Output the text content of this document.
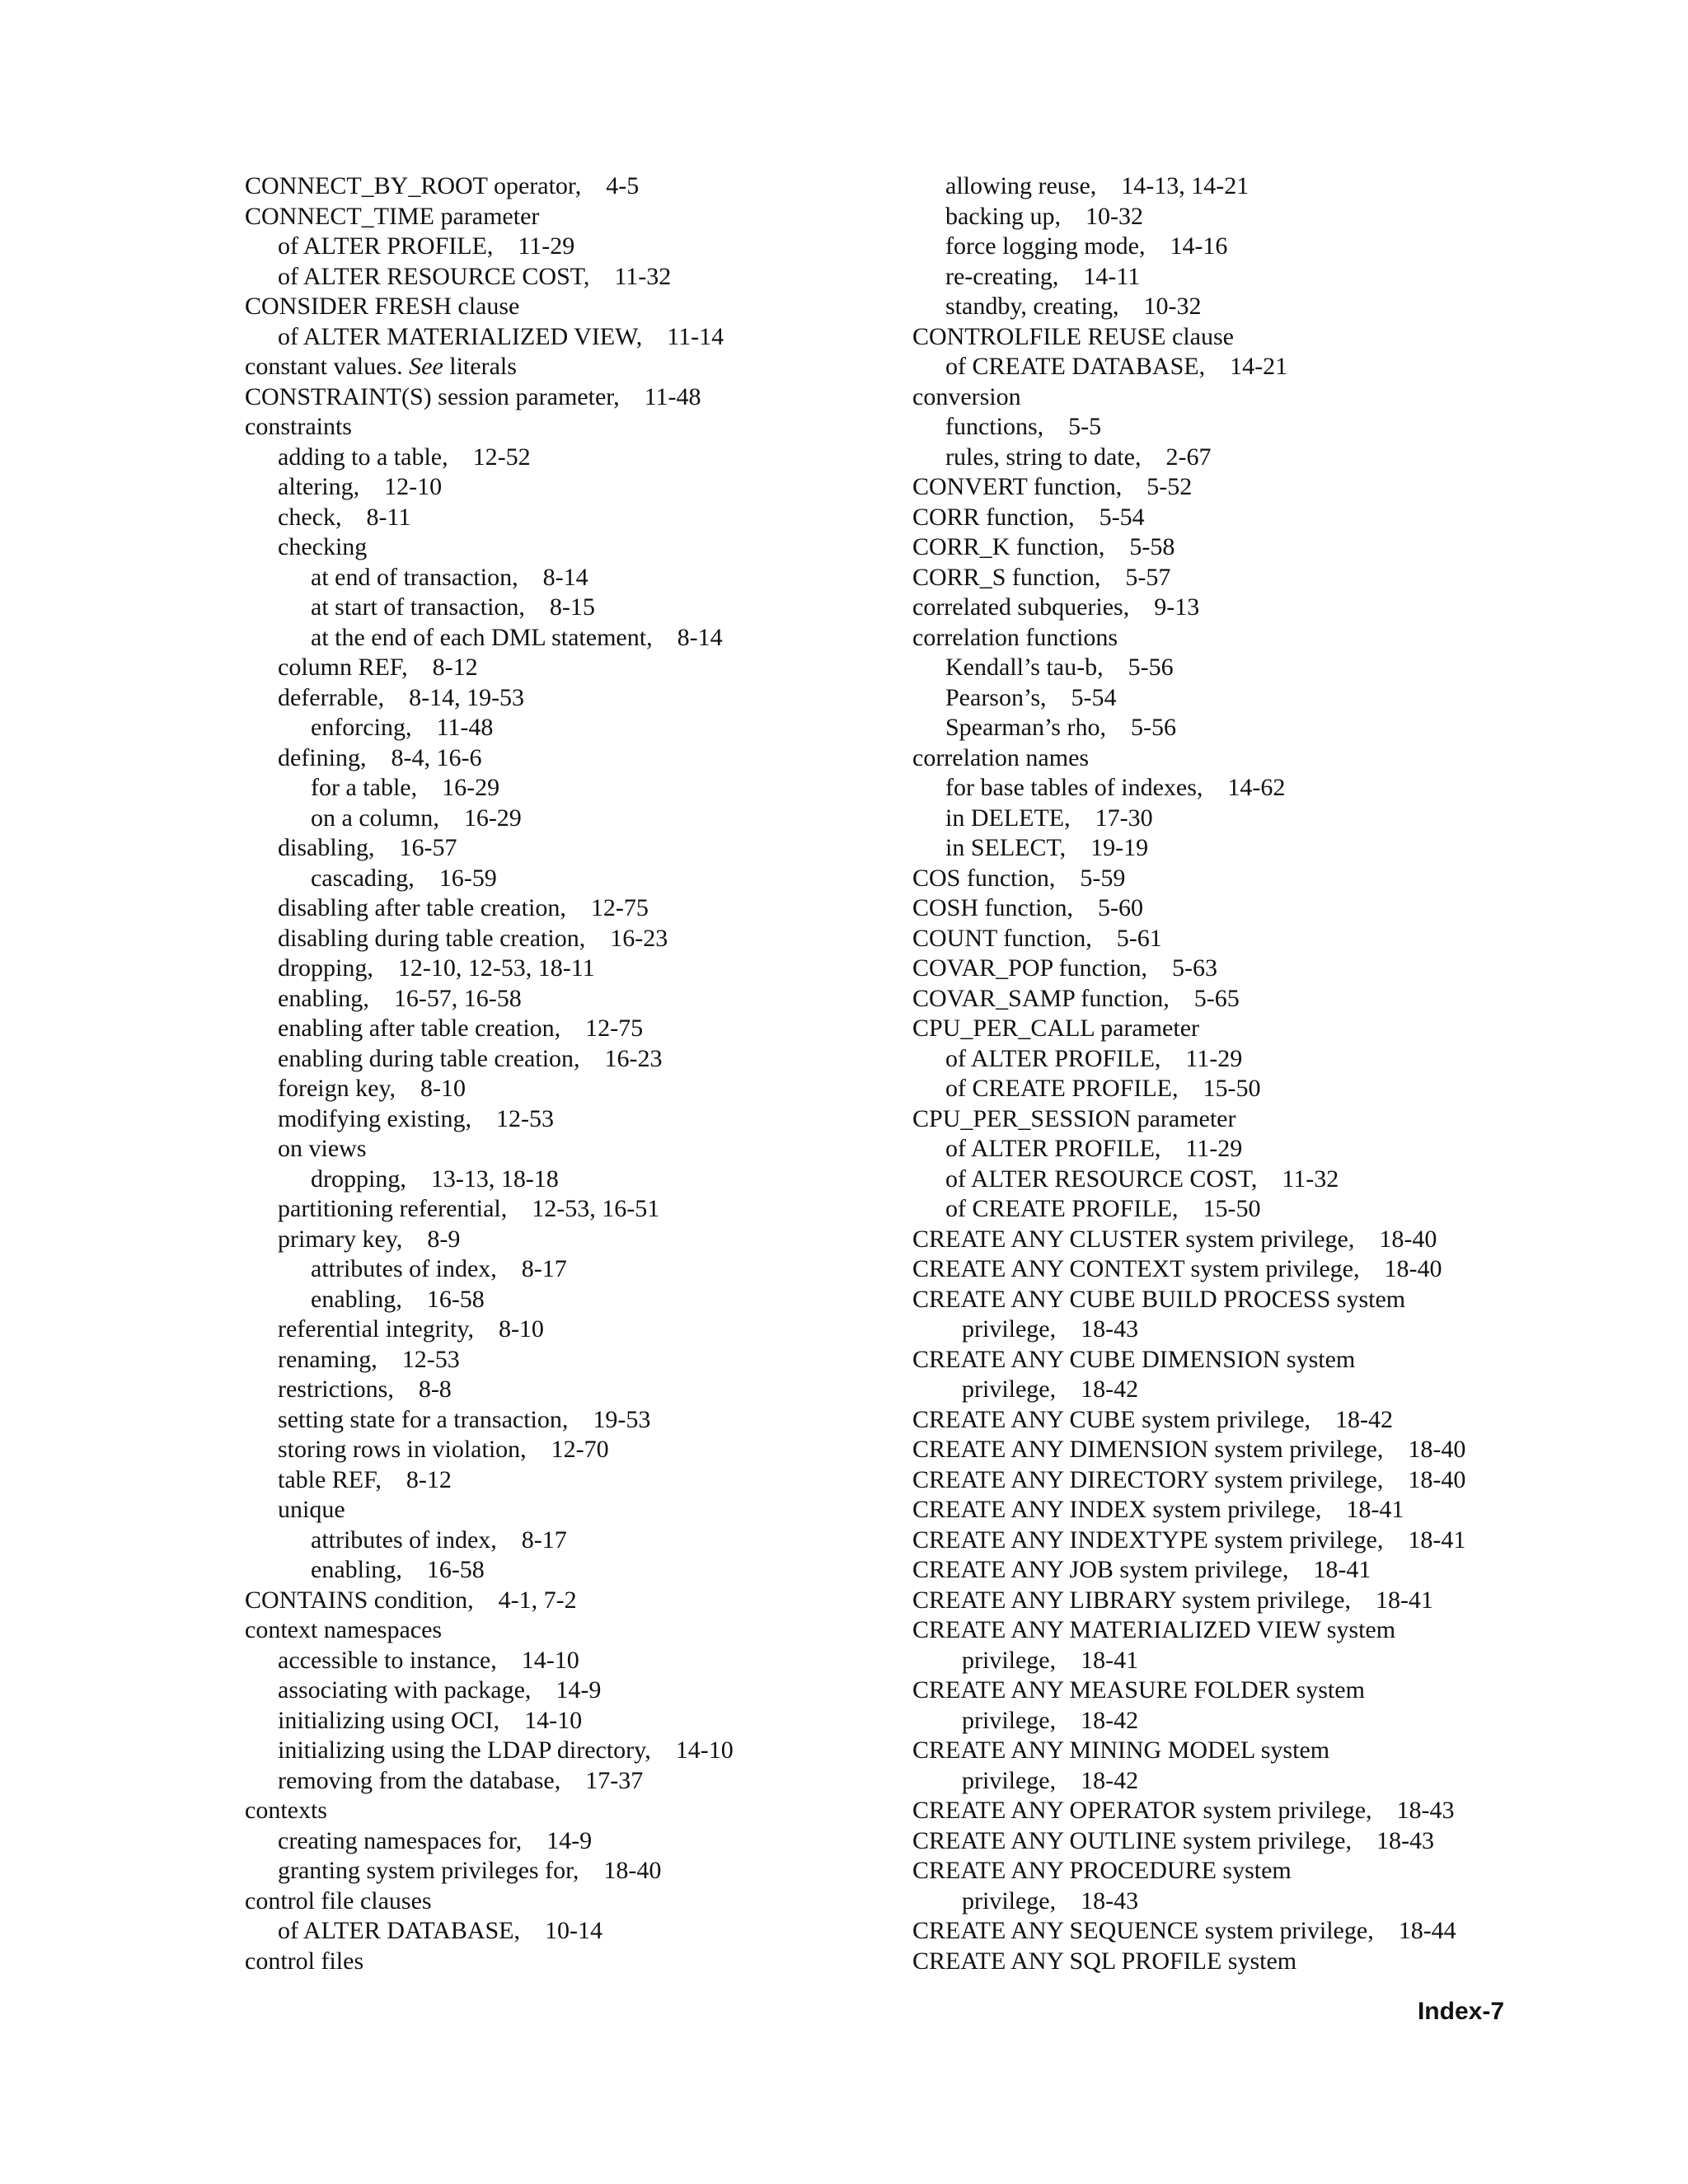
CONNECT_BY_ROOT operator ,    4-5
CONNECT_TIME parameter
of ALTER PROFILE ,    11-29
of ALTER RESOURCE COST ,    11-32
CONSIDER FRESH clause
of ALTER MATERIALIZED VIEW ,    11-14
constant values . See literals
CONSTRAINT(S) session parameter ,    11-48
constraints
adding to a table ,    12-52
altering ,    12-10
check ,    8-11
checking
at end of transaction ,    8-14
at start of transaction ,    8-15
at the end of each DML statement ,    8-14
column REF ,    8-12
deferrable ,    8-14, 19-53
enforcing ,    11-48
defining ,    8-4, 16-6
for a table ,    16-29
on a column ,    16-29
disabling ,    16-57
cascading ,    16-59
disabling after table creation ,    12-75
disabling during table creation ,    16-23
dropping ,    12-10, 12-53, 18-11
enabling ,    16-57, 16-58
enabling after table creation ,    12-75
enabling during table creation ,    16-23
foreign key ,    8-10
modifying existing ,    12-53
on views
dropping ,    13-13, 18-18
partitioning referential ,    12-53, 16-51
primary key ,    8-9
attributes of index ,    8-17
enabling ,    16-58
referential integrity ,    8-10
renaming ,    12-53
restrictions ,    8-8
setting state for a transaction ,    19-53
storing rows in violation ,    12-70
table REF ,    8-12
unique
attributes of index ,    8-17
enabling ,    16-58
CONTAINS condition ,    4-1, 7-2
context namespaces
accessible to instance ,    14-10
associating with package ,    14-9
initializing using OCI ,    14-10
initializing using the LDAP directory ,    14-10
removing from the database ,    17-37
contexts
creating namespaces for ,    14-9
granting system privileges for ,    18-40
control file clauses
of ALTER DATABASE ,    10-14
control files
allowing reuse ,    14-13, 14-21
backing up ,    10-32
force logging mode ,    14-16
re-creating ,    14-11
standby, creating ,    10-32
CONTROLFILE REUSE clause
of CREATE DATABASE ,    14-21
conversion
functions ,    5-5
rules, string to date ,    2-67
CONVERT function ,    5-52
CORR function ,    5-54
CORR_K function ,    5-58
CORR_S function ,    5-57
correlated subqueries ,    9-13
correlation functions
Kendall’s tau-b ,    5-56
Pearson’s ,    5-54
Spearman’s rho ,    5-56
correlation names
for base tables of indexes ,    14-62
in DELETE ,    17-30
in SELECT ,    19-19
COS function ,    5-59
COSH function ,    5-60
COUNT function ,    5-61
COVAR_POP function ,    5-63
COVAR_SAMP function ,    5-65
CPU_PER_CALL parameter
of ALTER PROFILE ,    11-29
of CREATE PROFILE ,    15-50
CPU_PER_SESSION parameter
of ALTER PROFILE ,    11-29
of ALTER RESOURCE COST ,    11-32
of CREATE PROFILE ,    15-50
CREATE ANY CLUSTER system privilege ,    18-40
CREATE ANY CONTEXT system privilege ,    18-40
CREATE ANY CUBE BUILD PROCESS system
privilege ,    18-43
CREATE ANY CUBE DIMENSION system
privilege ,    18-42
CREATE ANY CUBE system privilege ,    18-42
CREATE ANY DIMENSION system privilege ,    18-40
CREATE ANY DIRECTORY system privilege ,    18-40
CREATE ANY INDEX system privilege ,    18-41
CREATE ANY INDEXTYPE system privilege ,    18-41
CREATE ANY JOB system privilege ,    18-41
CREATE ANY LIBRARY system privilege ,    18-41
CREATE ANY MATERIALIZED VIEW system
privilege ,    18-41
CREATE ANY MEASURE FOLDER system
privilege ,    18-42
CREATE ANY MINING MODEL system
privilege ,    18-42
CREATE ANY OPERATOR system privilege ,    18-43
CREATE ANY OUTLINE system privilege ,    18-43
CREATE ANY PROCEDURE system
privilege ,    18-43
CREATE ANY SEQUENCE system privilege ,    18-44
CREATE ANY SQL PROFILE system
Index-7
